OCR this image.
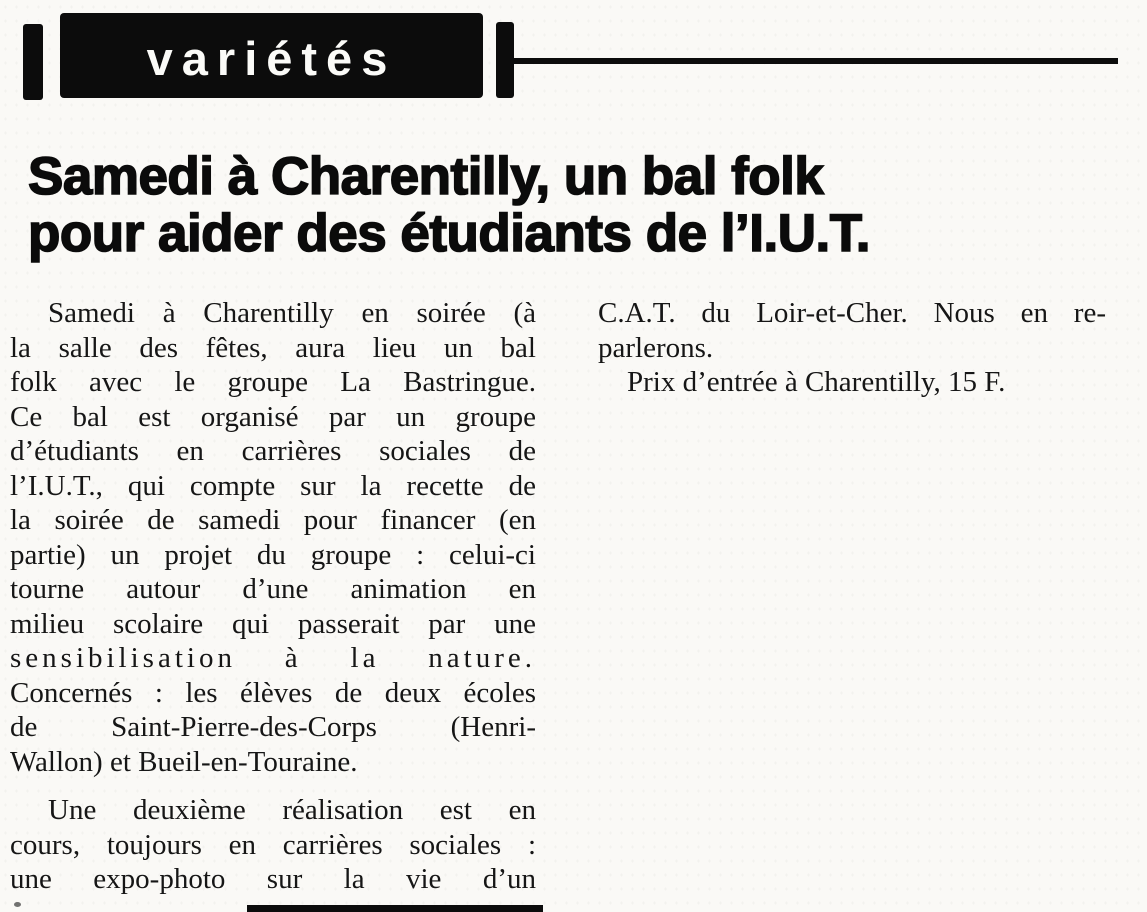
variétés
Samedi à Charentilly, un bal folk
pour aider des étudiants de l’I.U.T.
Samedi à Charentilly en soirée (à
la salle des fêtes, aura lieu un bal
folk avec le groupe La Bastringue.
Ce bal est organisé par un groupe
d’étudiants en carrières sociales de
l’I.U.T., qui compte sur la recette de
la soirée de samedi pour financer (en
partie) un projet du groupe : celui-ci
tourne autour d’une animation en
milieu scolaire qui passerait par une
sensibilisation à la nature.
Concernés : les élèves de deux écoles
de Saint-Pierre-des-Corps (Henri-
Wallon) et Bueil-en-Touraine.
Une deuxième réalisation est en
cours, toujours en carrières sociales :
une expo-photo sur la vie d’un
C.A.T. du Loir-et-Cher. Nous en re-
parlerons.
Prix d’entrée à Charentilly, 15 F.
